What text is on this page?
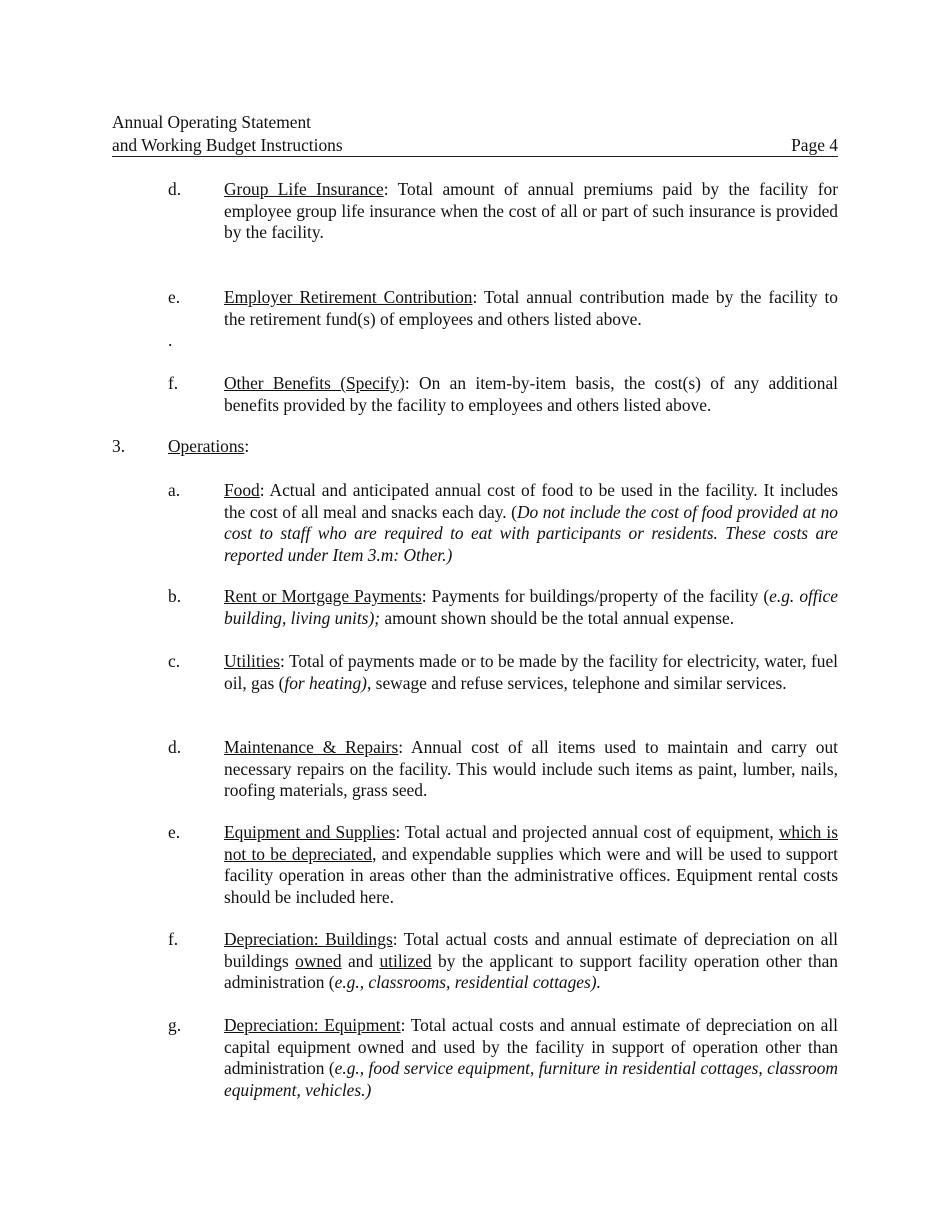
Annual Operating Statement
and Working Budget Instructions	Page 4
d. Group Life Insurance: Total amount of annual premiums paid by the facility for employee group life insurance when the cost of all or part of such insurance is provided by the facility.
e.	Employer Retirement Contribution: Total annual contribution made by the facility to the retirement fund(s) of employees and others listed above.
.
f.	Other Benefits (Specify): On an item-by-item basis, the cost(s) of any additional benefits provided by the facility to employees and others listed above.
3. Operations:
a.	Food: Actual and anticipated annual cost of food to be used in the facility. It includes the cost of all meal and snacks each day. (Do not include the cost of food provided at no cost to staff who are required to eat with participants or residents. These costs are reported under Item 3.m: Other.)
b. Rent or Mortgage Payments: Payments for buildings/property of the facility (e.g. office building, living units); amount shown should be the total annual expense.
c.	Utilities: Total of payments made or to be made by the facility for electricity, water, fuel oil, gas (for heating), sewage and refuse services, telephone and similar services.
d. Maintenance & Repairs: Annual cost of all items used to maintain and carry out necessary repairs on the facility. This would include such items as paint, lumber, nails, roofing materials, grass seed.
e.	Equipment and Supplies: Total actual and projected annual cost of equipment, which is not to be depreciated, and expendable supplies which were and will be used to support facility operation in areas other than the administrative offices. Equipment rental costs should be included here.
f.	Depreciation: Buildings: Total actual costs and annual estimate of depreciation on all buildings owned and utilized by the applicant to support facility operation other than administration (e.g., classrooms, residential cottages).
g. Depreciation: Equipment: Total actual costs and annual estimate of depreciation on all capital equipment owned and used by the facility in support of operation other than administration (e.g., food service equipment, furniture in residential cottages, classroom equipment, vehicles.)
